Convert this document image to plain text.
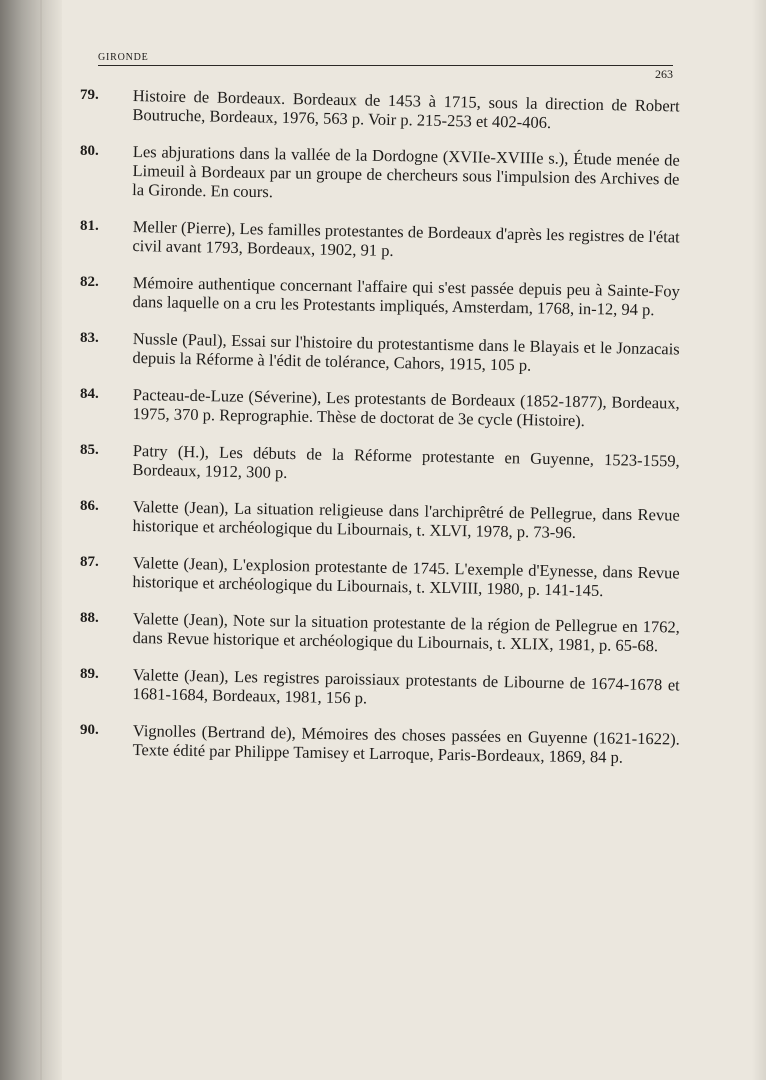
GIRONDE
263
79. Histoire de Bordeaux. Bordeaux de 1453 à 1715, sous la direction de Robert Boutruche, Bordeaux, 1976, 563 p. Voir p. 215-253 et 402-406.
80. Les abjurations dans la vallée de la Dordogne (XVIIe-XVIIIe s.), Étude menée de Limeuil à Bordeaux par un groupe de chercheurs sous l'impulsion des Archives de la Gironde. En cours.
81. Meller (Pierre), Les familles protestantes de Bordeaux d'après les registres de l'état civil avant 1793, Bordeaux, 1902, 91 p.
82. Mémoire authentique concernant l'affaire qui s'est passée depuis peu à Sainte-Foy dans laquelle on a cru les Protestants impliqués, Amsterdam, 1768, in-12, 94 p.
83. Nussle (Paul), Essai sur l'histoire du protestantisme dans le Blayais et le Jonzacais depuis la Réforme à l'édit de tolérance, Cahors, 1915, 105 p.
84. Pacteau-de-Luze (Séverine), Les protestants de Bordeaux (1852-1877), Bordeaux, 1975, 370 p. Reprographie. Thèse de doctorat de 3e cycle (Histoire).
85. Patry (H.), Les débuts de la Réforme protestante en Guyenne, 1523-1559, Bordeaux, 1912, 300 p.
86. Valette (Jean), La situation religieuse dans l'archiprêtré de Pellegrue, dans Revue historique et archéologique du Libournais, t. XLVI, 1978, p. 73-96.
87. Valette (Jean), L'explosion protestante de 1745. L'exemple d'Eynesse, dans Revue historique et archéologique du Libournais, t. XLVIII, 1980, p. 141-145.
88. Valette (Jean), Note sur la situation protestante de la région de Pellegrue en 1762, dans Revue historique et archéologique du Libournais, t. XLIX, 1981, p. 65-68.
89. Valette (Jean), Les registres paroissiaux protestants de Libourne de 1674-1678 et 1681-1684, Bordeaux, 1981, 156 p.
90. Vignolles (Bertrand de), Mémoires des choses passées en Guyenne (1621-1622). Texte édité par Philippe Tamisey et Larroque, Paris-Bordeaux, 1869, 84 p.
